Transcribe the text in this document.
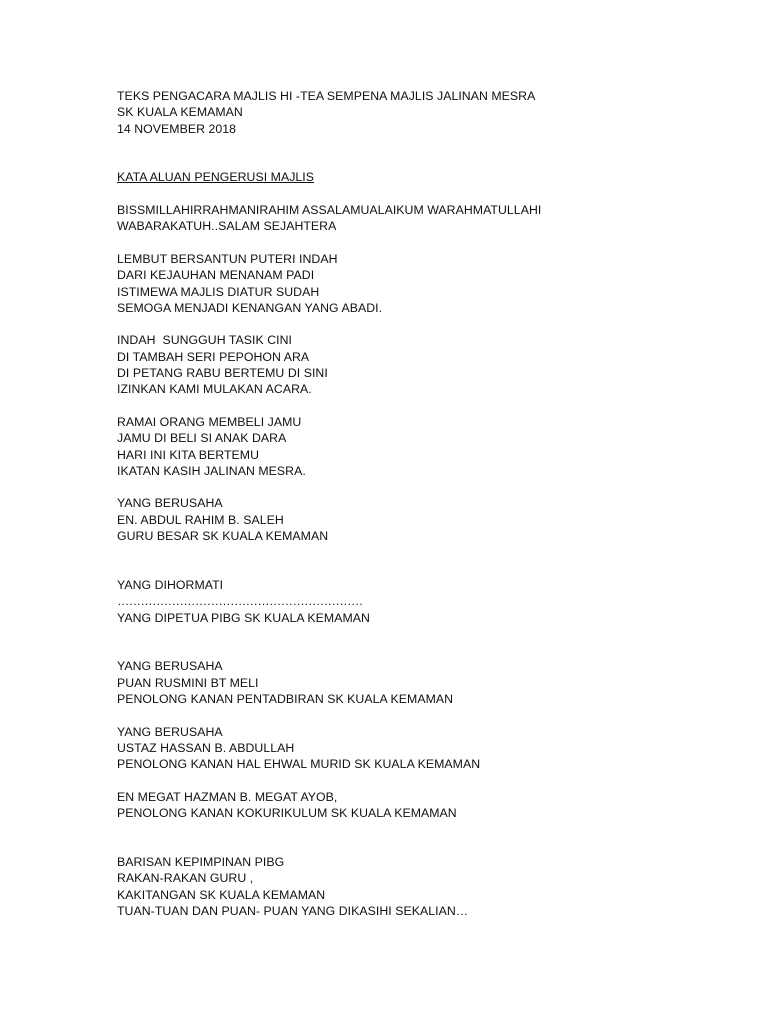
TEKS PENGACARA MAJLIS HI -TEA SEMPENA MAJLIS JALINAN MESRA
SK KUALA KEMAMAN
14 NOVEMBER 2018
KATA ALUAN PENGERUSI MAJLIS
BISSMILLAHIRRAHMANIRAHIM ASSALAMUALAIKUM WARAHMATULLAHI
WABARAKATUH..SALAM SEJAHTERA
LEMBUT BERSANTUN PUTERI INDAH
DARI KEJAUHAN MENANAM PADI
ISTIMEWA MAJLIS DIATUR SUDAH
SEMOGA MENJADI KENANGAN YANG ABADI.
INDAH  SUNGGUH TASIK CINI
DI TAMBAH SERI PEPOHON ARA
DI PETANG RABU BERTEMU DI SINI
IZINKAN KAMI MULAKAN ACARA.
RAMAI ORANG MEMBELI JAMU
JAMU DI BELI SI ANAK DARA
HARI INI KITA BERTEMU
IKATAN KASIH JALINAN MESRA.
YANG BERUSAHA
EN. ABDUL RAHIM B. SALEH
GURU BESAR SK KUALA KEMAMAN
YANG DIHORMATI
………………………………………………………
YANG DIPETUA PIBG SK KUALA KEMAMAN
YANG BERUSAHA
PUAN RUSMINI BT MELI
PENOLONG KANAN PENTADBIRAN SK KUALA KEMAMAN
YANG BERUSAHA
USTAZ HASSAN B. ABDULLAH
PENOLONG KANAN HAL EHWAL MURID SK KUALA KEMAMAN
EN MEGAT HAZMAN B. MEGAT AYOB,
PENOLONG KANAN KOKURIKULUM SK KUALA KEMAMAN
BARISAN KEPIMPINAN PIBG
RAKAN-RAKAN GURU ,
KAKITANGAN SK KUALA KEMAMAN
TUAN-TUAN DAN PUAN- PUAN YANG DIKASIHI SEKALIAN…
